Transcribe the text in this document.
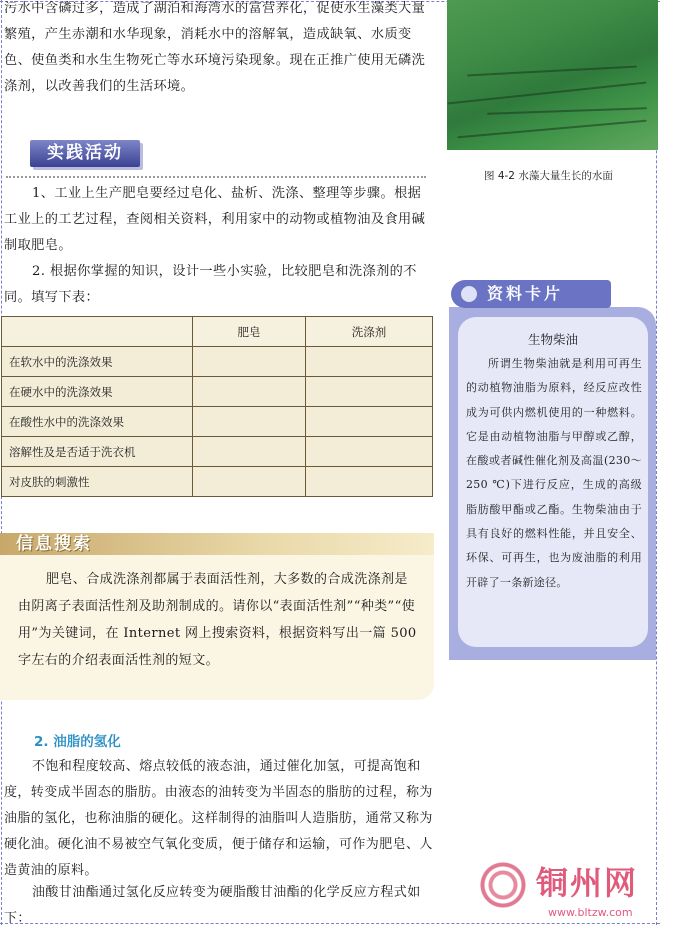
污水中含磷过多，造成了湖泊和海湾水的富营养化，促使水生藻类大量繁殖，产生赤潮和水华现象，消耗水中的溶解氧，造成缺氧、水质变色、使鱼类和水生生物死亡等水环境污染现象。现在正推广使用无磷洗涤剂，以改善我们的生活环境。

图 4-2 水藻大量生长的水面
实践活动

1、工业上生产肥皂要经过皂化、盐析、洗涤、整理等步骤。根据工业上的工艺过程，查阅相关资料，利用家中的动物或植物油及食用碱制取肥皂。

2. 根据你掌握的知识，设计一些小实验，比较肥皂和洗涤剂的不同。填写下表：

	肥皂	洗涤剂
在软水中的洗涤效果		
在硬水中的洗涤效果		
在酸性水中的洗涤效果		
溶解性及是否适于洗衣机		
对皮肤的刺激性		
信息搜索

肥皂、合成洗涤剂都属于表面活性剂，大多数的合成洗涤剂是由阴离子表面活性剂及助剂制成的。请你以“表面活性剂”“种类”“使用”为关键词，在 Internet 网上搜索资料，根据资料写出一篇 500 字左右的介绍表面活性剂的短文。

2. 油脂的氢化

不饱和程度较高、熔点较低的液态油，通过催化加氢，可提高饱和度，转变成半固态的脂肪。由液态的油转变为半固态的脂肪的过程，称为油脂的氢化，也称油脂的硬化。这样制得的油脂叫人造脂肪，通常又称为硬化油。硬化油不易被空气氧化变质，便于储存和运输，可作为肥皂、人造黄油的原料。

油酸甘油酯通过氢化反应转变为硬脂酸甘油酯的化学反应方程式如下：

资料卡片
生物柴油

所谓生物柴油就是利用可再生的动植物油脂为原料，经反应改性成为可供内燃机使用的一种燃料。它是由动植物油脂与甲醇或乙醇，在酸或者碱性催化剂及高温(230～250 ℃)下进行反应，生成的高级脂肪酸甲酯或乙酯。生物柴油由于具有良好的燃料性能，并且安全、环保、可再生，也为废油脂的利用开辟了一条新途径。

铜州网
www.bltzw.com
